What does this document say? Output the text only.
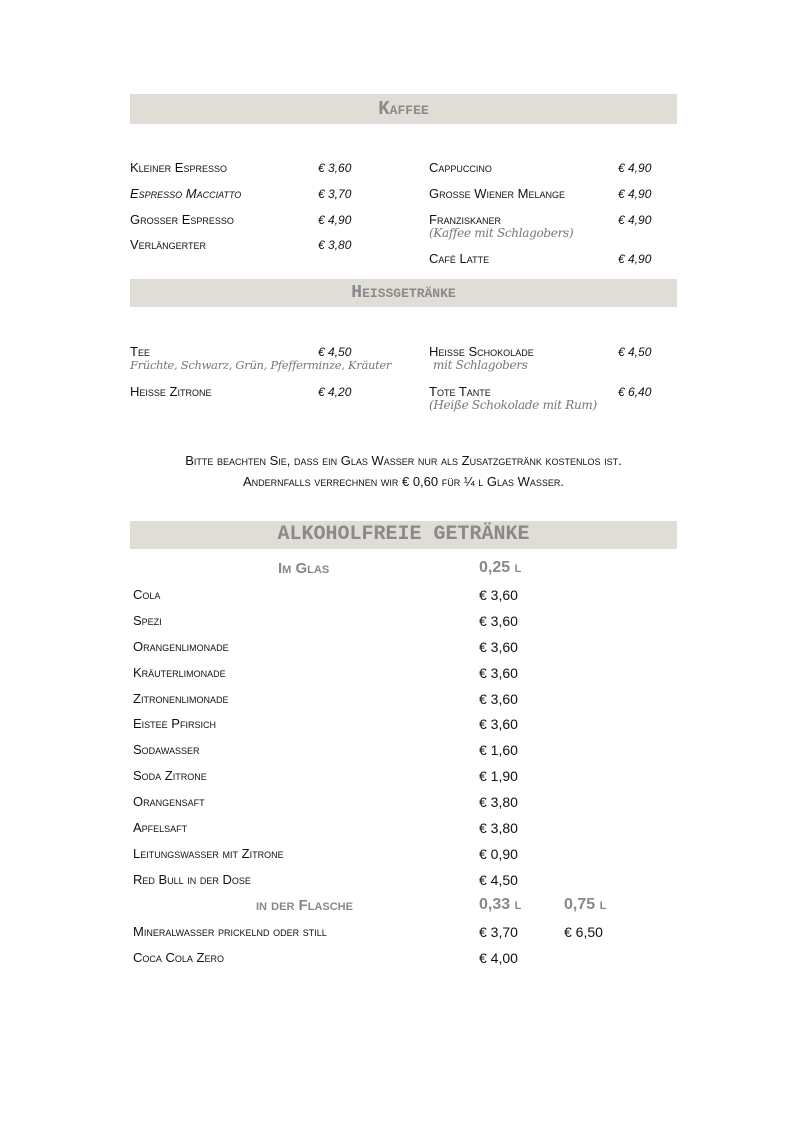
Kaffee
Kleiner Espresso	€ 3,60
Espresso Macciatto	€ 3,70
Großer Espresso	€ 4,90
Verlängerter	€ 3,80
Cappuccino	€ 4,90
Große Wiener Melange	€ 4,90
Franziskaner	€ 4,90
(Kaffee mit Schlagobers)
Café Latte	€ 4,90
Heißgetränke
Tee	€ 4,50
Früchte, Schwarz, Grün, Pfefferminze, Kräuter
Heiße Zitrone	€ 4,20
Heiße Schokolade	€ 4,50
mit Schlagobers
Tote Tante	€ 6,40
(Heiße Schokolade mit Rum)
Bitte beachten Sie, dass ein Glas Wasser nur als Zusatzgetränk kostenlos ist.
Andernfalls verrechnen wir € 0,60 für ¼ l Glas Wasser.
ALKOHOLFREIE GETRÄNKE
Im Glas	0,25 l
Cola	€ 3,60
Spezi	€ 3,60
Orangenlimonade	€ 3,60
Kräuterlimonade	€ 3,60
Zitronenlimonade	€ 3,60
Eistee Pfirsich	€ 3,60
Sodawasser	€ 1,60
Soda Zitrone	€ 1,90
Orangensaft	€ 3,80
Apfelsaft	€ 3,80
Leitungswasser mit Zitrone	€ 0,90
Red Bull in der Dose	€ 4,50
in der Flasche	0,33 l	0,75 l
Mineralwasser prickelnd oder still	€ 3,70	€ 6,50
Coca Cola Zero	€ 4,00
